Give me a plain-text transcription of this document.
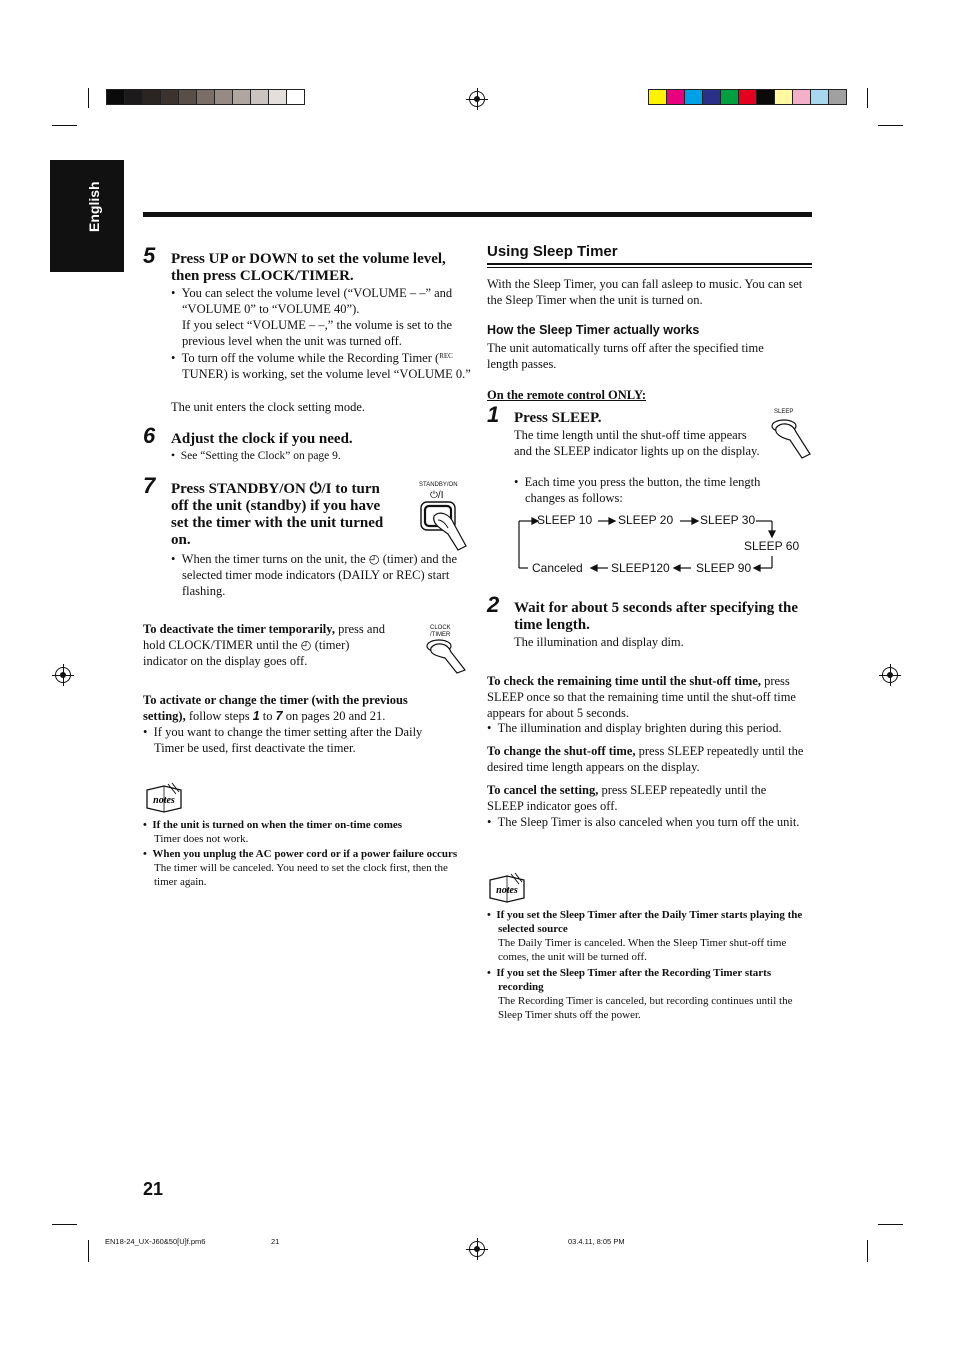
English
5 Press UP or DOWN to set the volume level, then press CLOCK/TIMER.
•  You can select the volume level (“VOLUME – –” and “VOLUME 0” to “VOLUME 40”).
If you select “VOLUME – –,” the volume is set to the previous level when the unit was turned off.
•  To turn off the volume while the Recording Timer ($^{REC}$ TUNER) is working, set the volume level “VOLUME 0.”
The unit enters the clock setting mode.
6 Adjust the clock if you need.
•  See “Setting the Clock” on page 9.
7 Press STANDBY/ON ⏻/I to turn off the unit (standby) if you have set the timer with the unit turned on.
STANDBY/ON
⏻/I
•  When the timer turns on the unit, the ◴ (timer) and the selected timer mode indicators (DAILY or REC) start flashing.
To deactivate the timer temporarily, press and hold CLOCK/TIMER until the ◴ (timer) indicator on the display goes off.
CLOCK
/TIMER
To activate or change the timer (with the previous setting), follow steps 1 to 7 on pages 20 and 21.
•  If you want to change the timer setting after the Daily Timer be used, first deactivate the timer.
notes
•  If the unit is turned on when the timer on-time comes
Timer does not work.
•  When you unplug the AC power cord or if a power failure occurs
The timer will be canceled. You need to set the clock first, then the timer again.
Using Sleep Timer
With the Sleep Timer, you can fall asleep to music. You can set the Sleep Timer when the unit is turned on.
How the Sleep Timer actually works
The unit automatically turns off after the specified time length passes.
On the remote control ONLY:
1 Press SLEEP.	SLEEP
The time length until the shut-off time appears and the SLEEP indicator lights up on the display.
•  Each time you press the button, the time length changes as follows:
SLEEP 10 SLEEP 20 SLEEP 30
SLEEP 60
SLEEP 90
SLEEP120
Canceled
2 Wait for about 5 seconds after specifying the time length.
The illumination and display dim.
To check the remaining time until the shut-off time, press SLEEP once so that the remaining time until the shut-off time appears for about 5 seconds.
•  The illumination and display brighten during this period.
To change the shut-off time, press SLEEP repeatedly until the desired time length appears on the display.
To cancel the setting, press SLEEP repeatedly until the SLEEP indicator goes off.
•  The Sleep Timer is also canceled when you turn off the unit.
notes
•  If you set the Sleep Timer after the Daily Timer starts playing the selected source
The Daily Timer is canceled. When the Sleep Timer shut-off time comes, the unit will be turned off.
•  If you set the Sleep Timer after the Recording Timer starts recording
The Recording Timer is canceled, but recording continues until the Sleep Timer shuts off the power.
21
EN18-24_UX-J60&50[U]f.pm6	21	03.4.11, 8:05 PM
